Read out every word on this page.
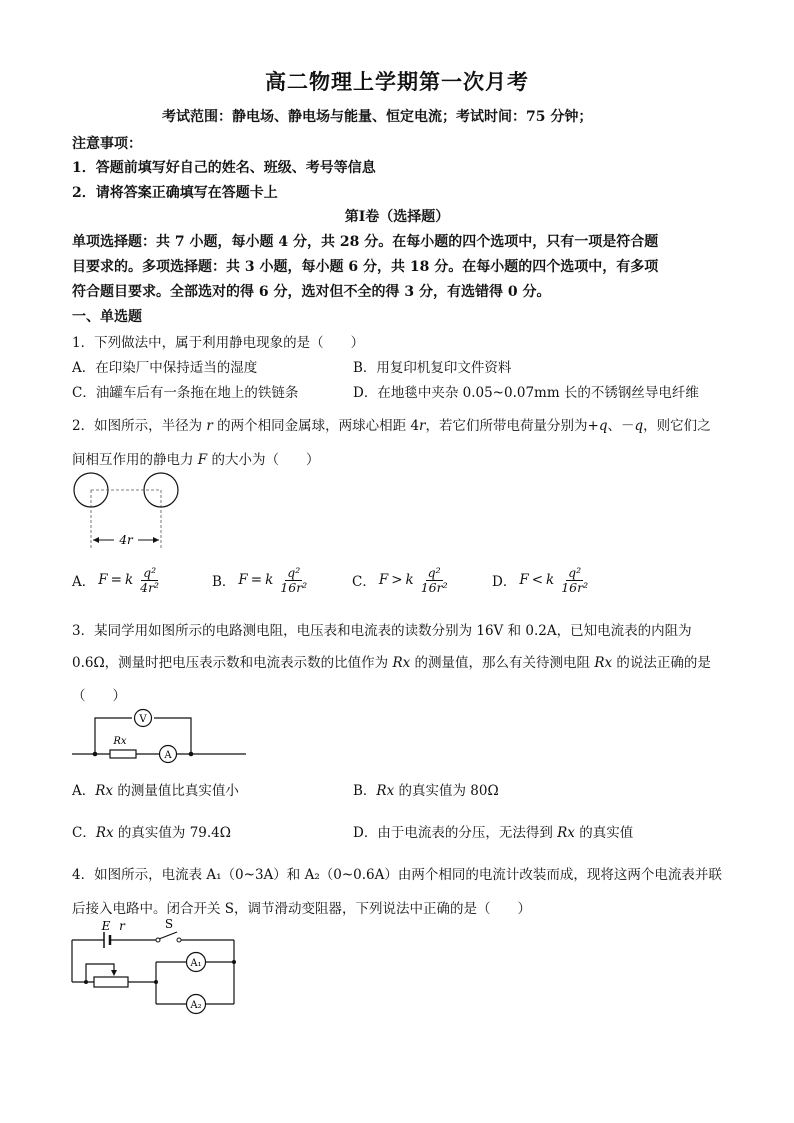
高二物理上学期第一次月考
考试范围：静电场、静电场与能量、恒定电流；考试时间：75 分钟；
注意事项：
1．答题前填写好自己的姓名、班级、考号等信息
2．请将答案正确填写在答题卡上
第Ⅰ卷（选择题）
单项选择题：共 7 小题，每小题 4 分，共 28 分。在每小题的四个选项中，只有一项是符合题
目要求的。多项选择题：共 3 小题，每小题 6 分，共 18 分。在每小题的四个选项中，有多项
符合题目要求。全部选对的得 6 分，选对但不全的得 3 分，有选错得 0 分。
一、单选题
1．下列做法中，属于利用静电现象的是（　　）
A．在印染厂中保持适当的湿度	B．用复印机复印文件资料
C．油罐车后有一条拖在地上的铁链条	D．在地毯中夹杂 0.05~0.07mm 长的不锈钢丝导电纤维
2．如图所示，半径为 r 的两个相同金属球，两球心相距 4r，若它们所带电荷量分别为+q、－q，则它们之
间相互作用的静电力 F 的大小为（　　）
4r
A． F = k $\frac{\text{q²}}{\text{4r²}}$	B． F = k $\frac{\text{q²}}{\text{16r²}}$	C． F > k $\frac{\text{q²}}{\text{16r²}}$	D． F < k $\frac{\text{q²}}{\text{16r²}}$
3．某同学用如图所示的电路测电阻，电压表和电流表的读数分别为 16V 和 0.2A，已知电流表的内阻为
0.6Ω，测量时把电压表示数和电流表示数的比值作为 Rx 的测量值，那么有关待测电阻 Rx 的说法正确的是
（　　）
V
Rx
A
A．Rx 的测量值比真实值小	B．Rx 的真实值为 80Ω
C．Rx 的真实值为 79.4Ω	D．由于电流表的分压，无法得到 Rx 的真实值
4．如图所示，电流表 A₁（0~3A）和 A₂（0~0.6A）由两个相同的电流计改装而成，现将这两个电流表并联
后接入电路中。闭合开关 S，调节滑动变阻器，下列说法中正确的是（　　）
E r	S
A₁
A₂
